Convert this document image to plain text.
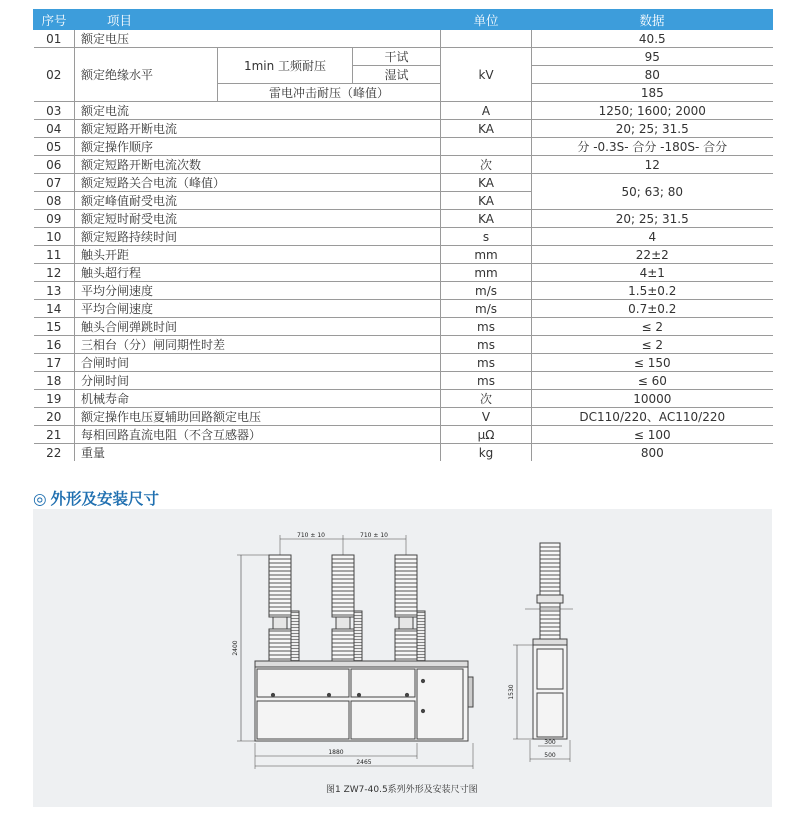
序号	项目			单位	数据
01	额定电压				40.5
02	额定绝缘水平	1min 工频耐压	干试	kV	95
			湿试		80
		雷电冲击耐压（峰值）			185
03	额定电流			A	1250; 1600; 2000
04	额定短路开断电流			KA	20; 25; 31.5
05	额定操作顺序				分 -0.3S- 合分 -180S- 合分
06	额定短路开断电流次数			次	12
07	额定短路关合电流（峰值）			KA	50; 63; 80
08	额定峰值耐受电流			KA	
09	额定短时耐受电流			KA	20; 25; 31.5
10	额定短路持续时间			s	4
11	触头开距			mm	22±2
12	触头超行程			mm	4±1
13	平均分闸速度			m/s	1.5±0.2
14	平均合闸速度			m/s	0.7±0.2
15	触头合闸弹跳时间			ms	≤ 2
16	三相台（分）闸同期性时差			ms	≤ 2
17	合闸时间			ms	≤ 150
18	分闸时间			ms	≤ 60
19	机械寿命			次	10000
20	额定操作电压夏辅助回路额定电压			V	DC110/220、AC110/220
21	每相回路直流电阻（不含互感器）			μΩ	≤ 100
22	重量			kg	800
◎ 外形及安装尺寸
710 ± 10	710 ± 10
2400
1880
2465
1530
300
500
图1 ZW7-40.5系列外形及安装尺寸图
